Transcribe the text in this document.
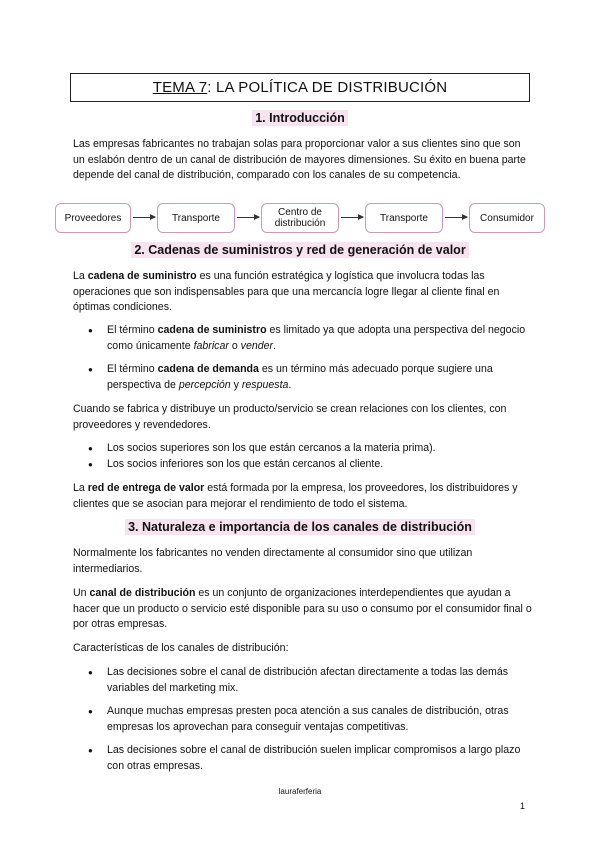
TEMA 7: LA POLÍTICA DE DISTRIBUCIÓN
1. Introducción
Las empresas fabricantes no trabajan solas para proporcionar valor a sus clientes sino que son un eslabón dentro de un canal de distribución de mayores dimensiones. Su éxito en buena parte depende del canal de distribución, comparado con los canales de su competencia.
Proveedores	Transporte	Centro de distribución	Transporte	Consumidor
2. Cadenas de suministros y red de generación de valor
La cadena de suministro es una función estratégica y logística que involucra todas las operaciones que son indispensables para que una mercancía logre llegar al cliente final en óptimas condiciones.
● El término cadena de suministro es limitado ya que adopta una perspectiva del negocio como únicamente fabricar o vender.
● El término cadena de demanda es un término más adecuado porque sugiere una perspectiva de percepción y respuesta.
Cuando se fabrica y distribuye un producto/servicio se crean relaciones con los clientes, con proveedores y revendedores.
● Los socios superiores son los que están cercanos a la materia prima).
● Los socios inferiores son los que están cercanos al cliente.
La red de entrega de valor está formada por la empresa, los proveedores, los distribuidores y clientes que se asocian para mejorar el rendimiento de todo el sistema.
3. Naturaleza e importancia de los canales de distribución
Normalmente los fabricantes no venden directamente al consumidor sino que utilizan intermediarios.
Un canal de distribución es un conjunto de organizaciones interdependientes que ayudan a hacer que un producto o servicio esté disponible para su uso o consumo por el consumidor final o por otras empresas.
Características de los canales de distribución:
● Las decisiones sobre el canal de distribución afectan directamente a todas las demás variables del marketing mix.
● Aunque muchas empresas presten poca atención a sus canales de distribución, otras empresas los aprovechan para conseguir ventajas competitivas.
● Las decisiones sobre el canal de distribución suelen implicar compromisos a largo plazo con otras empresas.
lauraferferia
1
